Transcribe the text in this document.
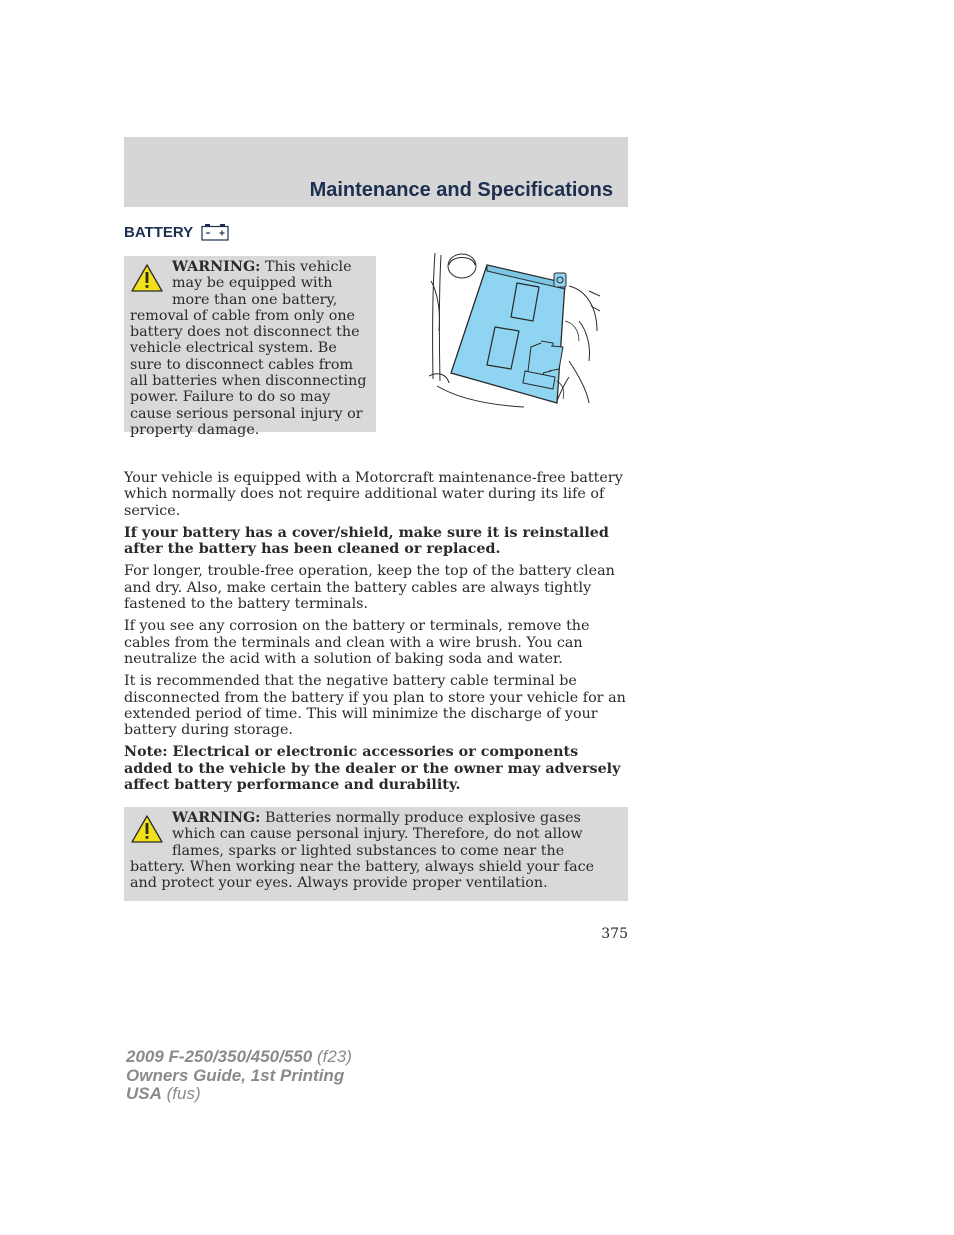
Maintenance and Specifications
BATTERY
WARNING: This vehicle may be equipped with more than one battery, removal of cable from only one battery does not disconnect the vehicle electrical system. Be sure to disconnect cables from all batteries when disconnecting power. Failure to do so may cause serious personal injury or property damage.

Your vehicle is equipped with a Motorcraft maintenance-free battery which normally does not require additional water during its life of service.

If your battery has a cover/shield, make sure it is reinstalled after the battery has been cleaned or replaced.

For longer, trouble-free operation, keep the top of the battery clean and dry. Also, make certain the battery cables are always tightly fastened to the battery terminals.

If you see any corrosion on the battery or terminals, remove the cables from the terminals and clean with a wire brush. You can neutralize the acid with a solution of baking soda and water.

It is recommended that the negative battery cable terminal be disconnected from the battery if you plan to store your vehicle for an extended period of time. This will minimize the discharge of your battery during storage.

Note: Electrical or electronic accessories or components added to the vehicle by the dealer or the owner may adversely affect battery performance and durability.

WARNING: Batteries normally produce explosive gases which can cause personal injury. Therefore, do not allow flames, sparks or lighted substances to come near the battery. When working near the battery, always shield your face and protect your eyes. Always provide proper ventilation.
375
2009 F-250/350/450/550 (f23)
Owners Guide, 1st Printing
USA (fus)
